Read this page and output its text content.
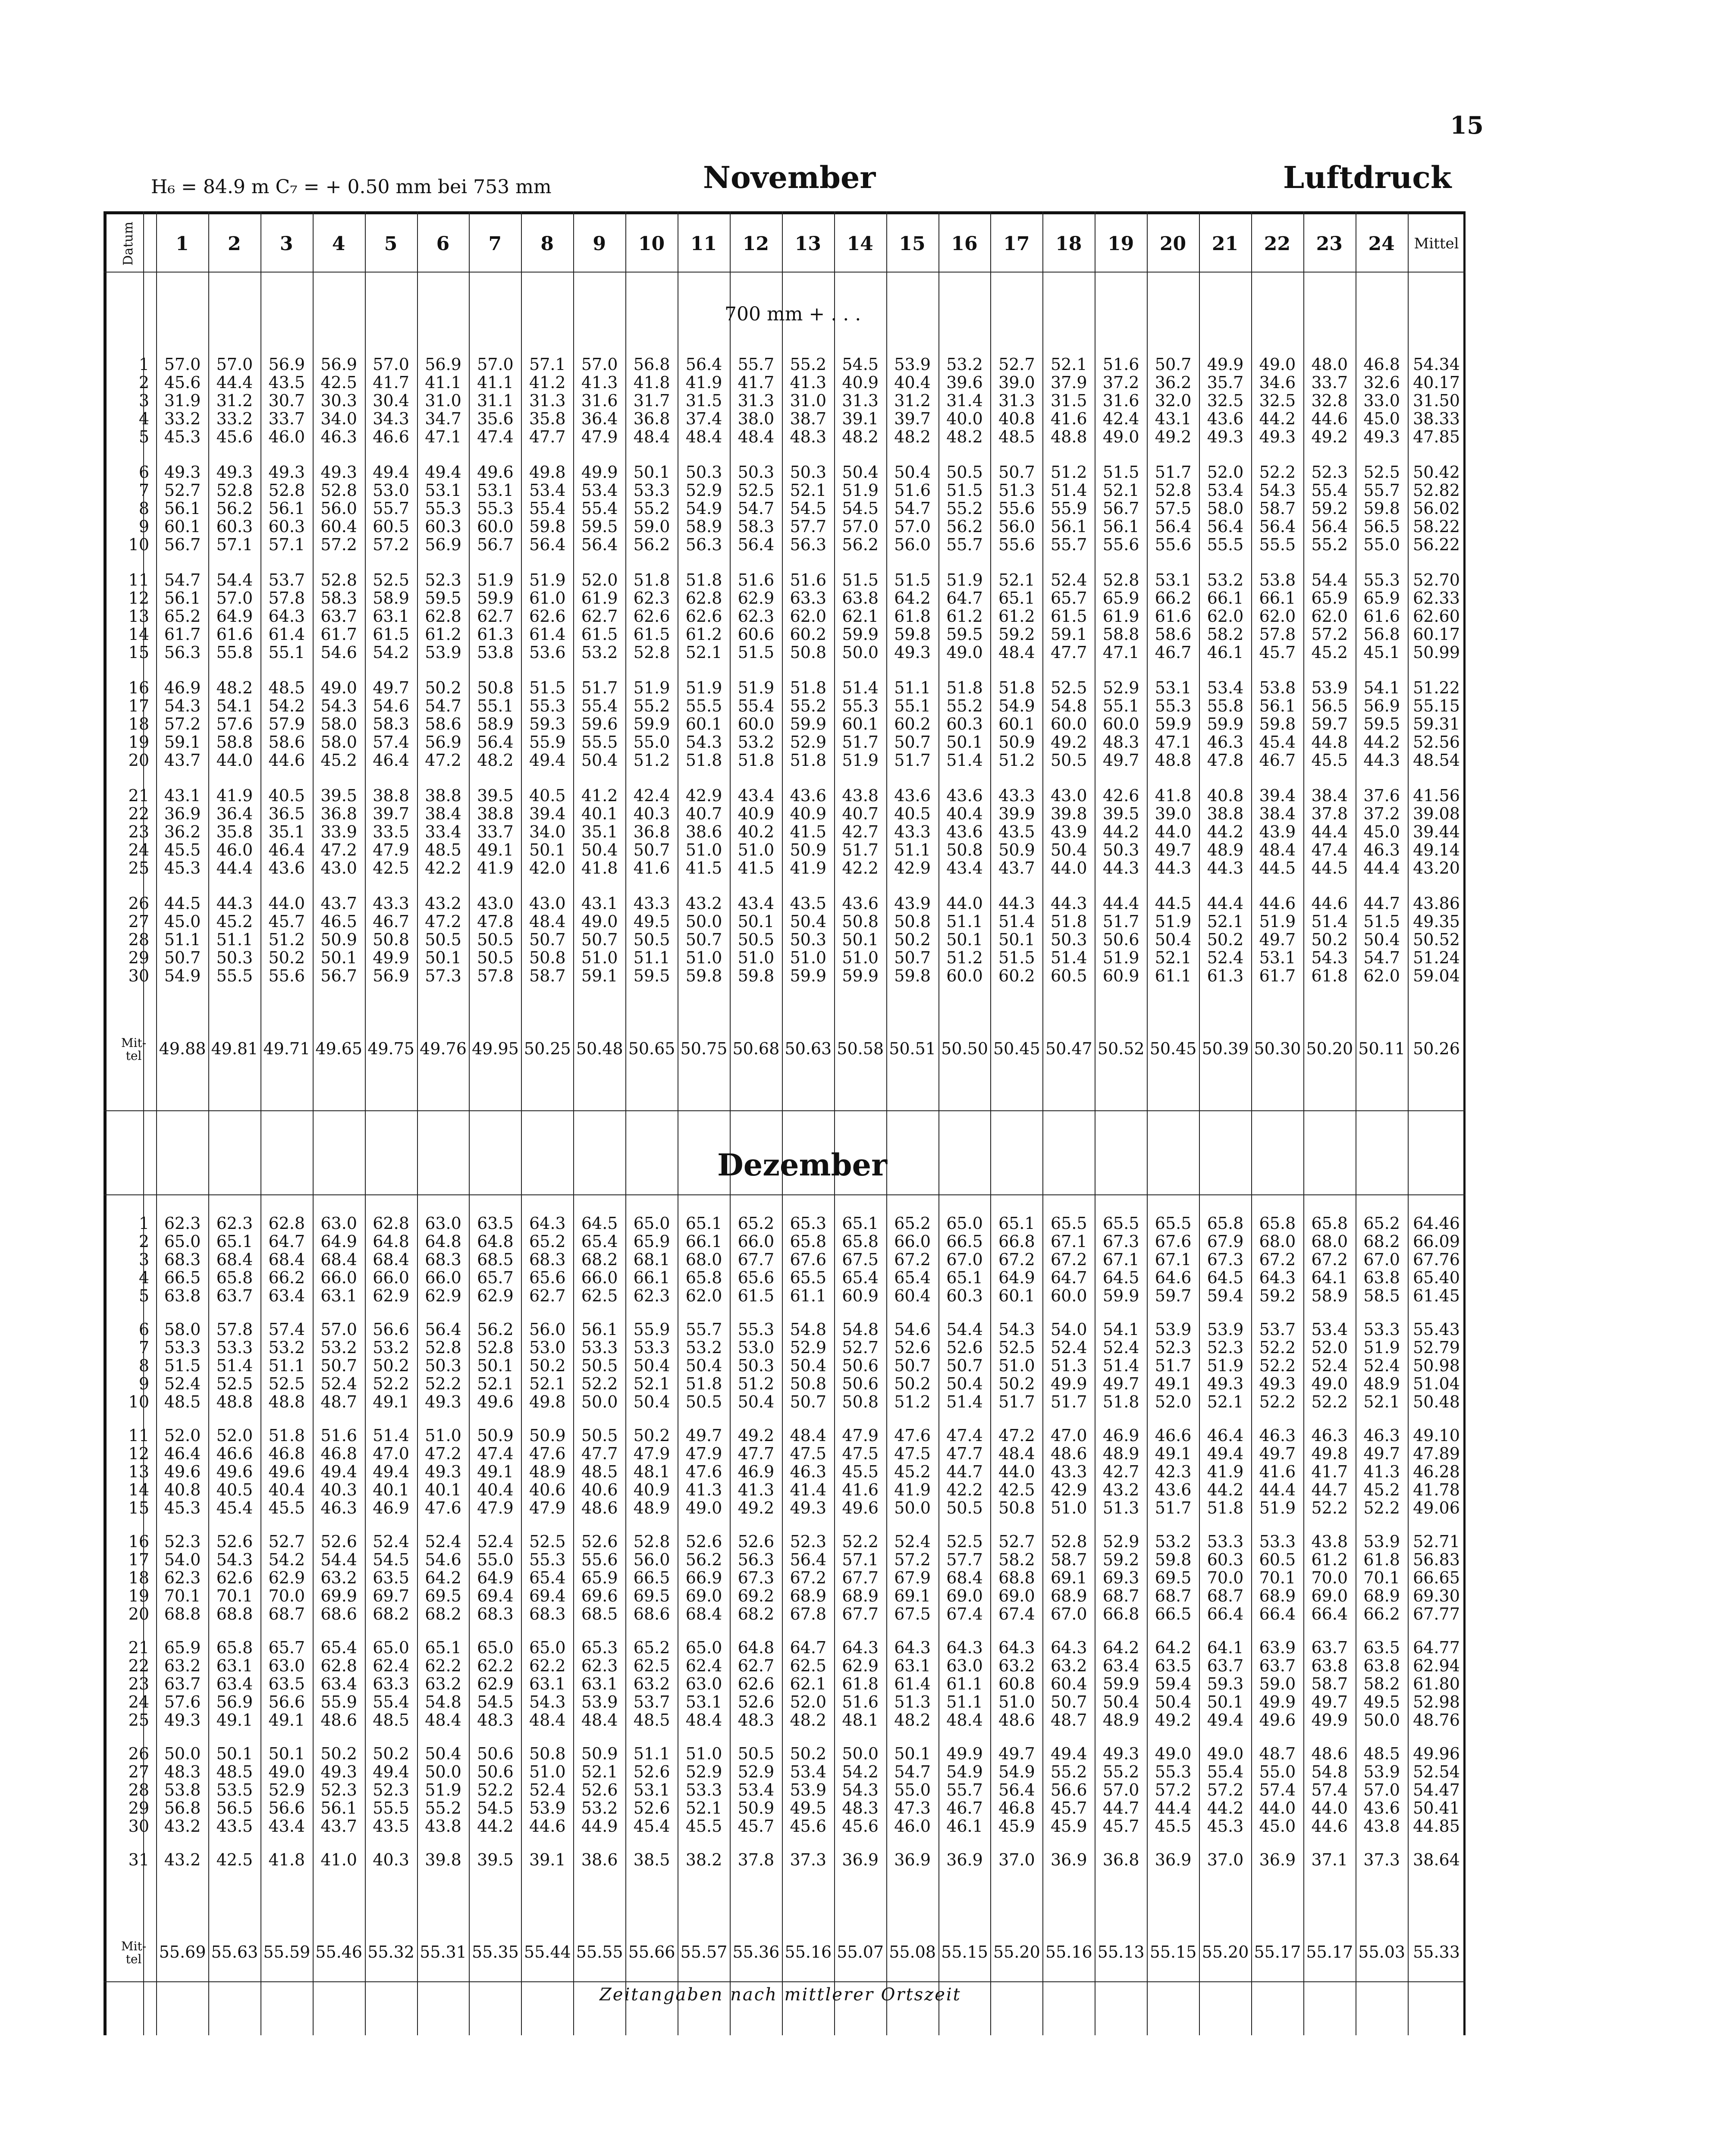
15
H₆ = 84.9 m C₇ = + 0.50 mm bei 753 mm	November	Luftdruck
Datum	1	2	3	4	5	6	7	8	9	10	11	12	13	14	15	16	17	18	19	20	21	22	23	24	Mittel
700 mm + . . .
1 57.0 57.0 56.9 56.9 57.0 56.9 57.0 57.1 57.0 56.8 56.4 55.7 55.2 54.5 53.9 53.2 52.7 52.1 51.6 50.7 49.9 49.0 48.0 46.8 54.34
2 45.6 44.4 43.5 42.5 41.7 41.1 41.1 41.2 41.3 41.8 41.9 41.7 41.3 40.9 40.4 39.6 39.0 37.9 37.2 36.2 35.7 34.6 33.7 32.6 40.17
3 31.9 31.2 30.7 30.3 30.4 31.0 31.1 31.3 31.6 31.7 31.5 31.3 31.0 31.3 31.2 31.4 31.3 31.5 31.6 32.0 32.5 32.5 32.8 33.0 31.50
4 33.2 33.2 33.7 34.0 34.3 34.7 35.6 35.8 36.4 36.8 37.4 38.0 38.7 39.1 39.7 40.0 40.8 41.6 42.4 43.1 43.6 44.2 44.6 45.0 38.33
5 45.3 45.6 46.0 46.3 46.6 47.1 47.4 47.7 47.9 48.4 48.4 48.4 48.3 48.2 48.2 48.2 48.5 48.8 49.0 49.2 49.3 49.3 49.2 49.3 47.85
6 49.3 49.3 49.3 49.3 49.4 49.4 49.6 49.8 49.9 50.1 50.3 50.3 50.3 50.4 50.4 50.5 50.7 51.2 51.5 51.7 52.0 52.2 52.3 52.5 50.42
7 52.7 52.8 52.8 52.8 53.0 53.1 53.1 53.4 53.4 53.3 52.9 52.5 52.1 51.9 51.6 51.5 51.3 51.4 52.1 52.8 53.4 54.3 55.4 55.7 52.82
8 56.1 56.2 56.1 56.0 55.7 55.3 55.3 55.4 55.4 55.2 54.9 54.7 54.5 54.5 54.7 55.2 55.6 55.9 56.7 57.5 58.0 58.7 59.2 59.8 56.02
9 60.1 60.3 60.3 60.4 60.5 60.3 60.0 59.8 59.5 59.0 58.9 58.3 57.7 57.0 57.0 56.2 56.0 56.1 56.1 56.4 56.4 56.4 56.4 56.5 58.22
10 56.7 57.1 57.1 57.2 57.2 56.9 56.7 56.4 56.4 56.2 56.3 56.4 56.3 56.2 56.0 55.7 55.6 55.7 55.6 55.6 55.5 55.5 55.2 55.0 56.22
11 54.7 54.4 53.7 52.8 52.5 52.3 51.9 51.9 52.0 51.8 51.8 51.6 51.6 51.5 51.5 51.9 52.1 52.4 52.8 53.1 53.2 53.8 54.4 55.3 52.70
12 56.1 57.0 57.8 58.3 58.9 59.5 59.9 61.0 61.9 62.3 62.8 62.9 63.3 63.8 64.2 64.7 65.1 65.7 65.9 66.2 66.1 66.1 65.9 65.9 62.33
13 65.2 64.9 64.3 63.7 63.1 62.8 62.7 62.6 62.7 62.6 62.6 62.3 62.0 62.1 61.8 61.2 61.2 61.5 61.9 61.6 62.0 62.0 62.0 61.6 62.60
14 61.7 61.6 61.4 61.7 61.5 61.2 61.3 61.4 61.5 61.5 61.2 60.6 60.2 59.9 59.8 59.5 59.2 59.1 58.8 58.6 58.2 57.8 57.2 56.8 60.17
15 56.3 55.8 55.1 54.6 54.2 53.9 53.8 53.6 53.2 52.8 52.1 51.5 50.8 50.0 49.3 49.0 48.4 47.7 47.1 46.7 46.1 45.7 45.2 45.1 50.99
16 46.9 48.2 48.5 49.0 49.7 50.2 50.8 51.5 51.7 51.9 51.9 51.9 51.8 51.4 51.1 51.8 51.8 52.5 52.9 53.1 53.4 53.8 53.9 54.1 51.22
17 54.3 54.1 54.2 54.3 54.6 54.7 55.1 55.3 55.4 55.2 55.5 55.4 55.2 55.3 55.1 55.2 54.9 54.8 55.1 55.3 55.8 56.1 56.5 56.9 55.15
18 57.2 57.6 57.9 58.0 58.3 58.6 58.9 59.3 59.6 59.9 60.1 60.0 59.9 60.1 60.2 60.3 60.1 60.0 60.0 59.9 59.9 59.8 59.7 59.5 59.31
19 59.1 58.8 58.6 58.0 57.4 56.9 56.4 55.9 55.5 55.0 54.3 53.2 52.9 51.7 50.7 50.1 50.9 49.2 48.3 47.1 46.3 45.4 44.8 44.2 52.56
20 43.7 44.0 44.6 45.2 46.4 47.2 48.2 49.4 50.4 51.2 51.8 51.8 51.8 51.9 51.7 51.4 51.2 50.5 49.7 48.8 47.8 46.7 45.5 44.3 48.54
21 43.1 41.9 40.5 39.5 38.8 38.8 39.5 40.5 41.2 42.4 42.9 43.4 43.6 43.8 43.6 43.6 43.3 43.0 42.6 41.8 40.8 39.4 38.4 37.6 41.56
22 36.9 36.4 36.5 36.8 39.7 38.4 38.8 39.4 40.1 40.3 40.7 40.9 40.9 40.7 40.5 40.4 39.9 39.8 39.5 39.0 38.8 38.4 37.8 37.2 39.08
23 36.2 35.8 35.1 33.9 33.5 33.4 33.7 34.0 35.1 36.8 38.6 40.2 41.5 42.7 43.3 43.6 43.5 43.9 44.2 44.0 44.2 43.9 44.4 45.0 39.44
24 45.5 46.0 46.4 47.2 47.9 48.5 49.1 50.1 50.4 50.7 51.0 51.0 50.9 51.7 51.1 50.8 50.9 50.4 50.3 49.7 48.9 48.4 47.4 46.3 49.14
25 45.3 44.4 43.6 43.0 42.5 42.2 41.9 42.0 41.8 41.6 41.5 41.5 41.9 42.2 42.9 43.4 43.7 44.0 44.3 44.3 44.3 44.5 44.5 44.4 43.20
26 44.5 44.3 44.0 43.7 43.3 43.2 43.0 43.0 43.1 43.3 43.2 43.4 43.5 43.6 43.9 44.0 44.3 44.3 44.4 44.5 44.4 44.6 44.6 44.7 43.86
27 45.0 45.2 45.7 46.5 46.7 47.2 47.8 48.4 49.0 49.5 50.0 50.1 50.4 50.8 50.8 51.1 51.4 51.8 51.7 51.9 52.1 51.9 51.4 51.5 49.35
28 51.1 51.1 51.2 50.9 50.8 50.5 50.5 50.7 50.7 50.5 50.7 50.5 50.3 50.1 50.2 50.1 50.1 50.3 50.6 50.4 50.2 49.7 50.2 50.4 50.52
29 50.7 50.3 50.2 50.1 49.9 50.1 50.5 50.8 51.0 51.1 51.0 51.0 51.0 51.0 50.7 51.2 51.5 51.4 51.9 52.1 52.4 53.1 54.3 54.7 51.24
30 54.9 55.5 55.6 56.7 56.9 57.3 57.8 58.7 59.1 59.5 59.8 59.8 59.9 59.9 59.8 60.0 60.2 60.5 60.9 61.1 61.3 61.7 61.8 62.0 59.04
Mit-
tel	49.88 49.81 49.71 49.65 49.75 49.76 49.95 50.25 50.48 50.65 50.75 50.68 50.63 50.58 50.51 50.50 50.45 50.47 50.52 50.45 50.39 50.30 50.20 50.11 50.26
Dezember
1 62.3 62.3 62.8 63.0 62.8 63.0 63.5 64.3 64.5 65.0 65.1 65.2 65.3 65.1 65.2 65.0 65.1 65.5 65.5 65.5 65.8 65.8 65.8 65.2 64.46
2 65.0 65.1 64.7 64.9 64.8 64.8 64.8 65.2 65.4 65.9 66.1 66.0 65.8 65.8 66.0 66.5 66.8 67.1 67.3 67.6 67.9 68.0 68.0 68.2 66.09
3 68.3 68.4 68.4 68.4 68.4 68.3 68.5 68.3 68.2 68.1 68.0 67.7 67.6 67.5 67.2 67.0 67.2 67.2 67.1 67.1 67.3 67.2 67.2 67.0 67.76
4 66.5 65.8 66.2 66.0 66.0 66.0 65.7 65.6 66.0 66.1 65.8 65.6 65.5 65.4 65.4 65.1 64.9 64.7 64.5 64.6 64.5 64.3 64.1 63.8 65.40
5 63.8 63.7 63.4 63.1 62.9 62.9 62.9 62.7 62.5 62.3 62.0 61.5 61.1 60.9 60.4 60.3 60.1 60.0 59.9 59.7 59.4 59.2 58.9 58.5 61.45
6 58.0 57.8 57.4 57.0 56.6 56.4 56.2 56.0 56.1 55.9 55.7 55.3 54.8 54.8 54.6 54.4 54.3 54.0 54.1 53.9 53.9 53.7 53.4 53.3 55.43
7 53.3 53.3 53.2 53.2 53.2 52.8 52.8 53.0 53.3 53.3 53.2 53.0 52.9 52.7 52.6 52.6 52.5 52.4 52.4 52.3 52.3 52.2 52.0 51.9 52.79
8 51.5 51.4 51.1 50.7 50.2 50.3 50.1 50.2 50.5 50.4 50.4 50.3 50.4 50.6 50.7 50.7 51.0 51.3 51.4 51.7 51.9 52.2 52.4 52.4 50.98
9 52.4 52.5 52.5 52.4 52.2 52.2 52.1 52.1 52.2 52.1 51.8 51.2 50.8 50.6 50.2 50.4 50.2 49.9 49.7 49.1 49.3 49.3 49.0 48.9 51.04
10 48.5 48.8 48.8 48.7 49.1 49.3 49.6 49.8 50.0 50.4 50.5 50.4 50.7 50.8 51.2 51.4 51.7 51.7 51.8 52.0 52.1 52.2 52.2 52.1 50.48
11 52.0 52.0 51.8 51.6 51.4 51.0 50.9 50.9 50.5 50.2 49.7 49.2 48.4 47.9 47.6 47.4 47.2 47.0 46.9 46.6 46.4 46.3 46.3 46.3 49.10
12 46.4 46.6 46.8 46.8 47.0 47.2 47.4 47.6 47.7 47.9 47.9 47.7 47.5 47.5 47.5 47.7 48.4 48.6 48.9 49.1 49.4 49.7 49.8 49.7 47.89
13 49.6 49.6 49.6 49.4 49.4 49.3 49.1 48.9 48.5 48.1 47.6 46.9 46.3 45.5 45.2 44.7 44.0 43.3 42.7 42.3 41.9 41.6 41.7 41.3 46.28
14 40.8 40.5 40.4 40.3 40.1 40.1 40.4 40.6 40.6 40.9 41.3 41.3 41.4 41.6 41.9 42.2 42.5 42.9 43.2 43.6 44.2 44.4 44.7 45.2 41.78
15 45.3 45.4 45.5 46.3 46.9 47.6 47.9 47.9 48.6 48.9 49.0 49.2 49.3 49.6 50.0 50.5 50.8 51.0 51.3 51.7 51.8 51.9 52.2 52.2 49.06
16 52.3 52.6 52.7 52.6 52.4 52.4 52.4 52.5 52.6 52.8 52.6 52.6 52.3 52.2 52.4 52.5 52.7 52.8 52.9 53.2 53.3 53.3 43.8 53.9 52.71
17 54.0 54.3 54.2 54.4 54.5 54.6 55.0 55.3 55.6 56.0 56.2 56.3 56.4 57.1 57.2 57.7 58.2 58.7 59.2 59.8 60.3 60.5 61.2 61.8 56.83
18 62.3 62.6 62.9 63.2 63.5 64.2 64.9 65.4 65.9 66.5 66.9 67.3 67.2 67.7 67.9 68.4 68.8 69.1 69.3 69.5 70.0 70.1 70.0 70.1 66.65
19 70.1 70.1 70.0 69.9 69.7 69.5 69.4 69.4 69.6 69.5 69.0 69.2 68.9 68.9 69.1 69.0 69.0 68.9 68.7 68.7 68.7 68.9 69.0 68.9 69.30
20 68.8 68.8 68.7 68.6 68.2 68.2 68.3 68.3 68.5 68.6 68.4 68.2 67.8 67.7 67.5 67.4 67.4 67.0 66.8 66.5 66.4 66.4 66.4 66.2 67.77
21 65.9 65.8 65.7 65.4 65.0 65.1 65.0 65.0 65.3 65.2 65.0 64.8 64.7 64.3 64.3 64.3 64.3 64.3 64.2 64.2 64.1 63.9 63.7 63.5 64.77
22 63.2 63.1 63.0 62.8 62.4 62.2 62.2 62.2 62.3 62.5 62.4 62.7 62.5 62.9 63.1 63.0 63.2 63.2 63.4 63.5 63.7 63.7 63.8 63.8 62.94
23 63.7 63.4 63.5 63.4 63.3 63.2 62.9 63.1 63.1 63.2 63.0 62.6 62.1 61.8 61.4 61.1 60.8 60.4 59.9 59.4 59.3 59.0 58.7 58.2 61.80
24 57.6 56.9 56.6 55.9 55.4 54.8 54.5 54.3 53.9 53.7 53.1 52.6 52.0 51.6 51.3 51.1 51.0 50.7 50.4 50.4 50.1 49.9 49.7 49.5 52.98
25 49.3 49.1 49.1 48.6 48.5 48.4 48.3 48.4 48.4 48.5 48.4 48.3 48.2 48.1 48.2 48.4 48.6 48.7 48.9 49.2 49.4 49.6 49.9 50.0 48.76
26 50.0 50.1 50.1 50.2 50.2 50.4 50.6 50.8 50.9 51.1 51.0 50.5 50.2 50.0 50.1 49.9 49.7 49.4 49.3 49.0 49.0 48.7 48.6 48.5 49.96
27 48.3 48.5 49.0 49.3 49.4 50.0 50.6 51.0 52.1 52.6 52.9 52.9 53.4 54.2 54.7 54.9 54.9 55.2 55.2 55.3 55.4 55.0 54.8 53.9 52.54
28 53.8 53.5 52.9 52.3 52.3 51.9 52.2 52.4 52.6 53.1 53.3 53.4 53.9 54.3 55.0 55.7 56.4 56.6 57.0 57.2 57.2 57.4 57.4 57.0 54.47
29 56.8 56.5 56.6 56.1 55.5 55.2 54.5 53.9 53.2 52.6 52.1 50.9 49.5 48.3 47.3 46.7 46.8 45.7 44.7 44.4 44.2 44.0 44.0 43.6 50.41
30 43.2 43.5 43.4 43.7 43.5 43.8 44.2 44.6 44.9 45.4 45.5 45.7 45.6 45.6 46.0 46.1 45.9 45.9 45.7 45.5 45.3 45.0 44.6 43.8 44.85
31 43.2 42.5 41.8 41.0 40.3 39.8 39.5 39.1 38.6 38.5 38.2 37.8 37.3 36.9 36.9 36.9 37.0 36.9 36.8 36.9 37.0 36.9 37.1 37.3 38.64
Mit-
tel	55.69 55.63 55.59 55.46 55.32 55.31 55.35 55.44 55.55 55.66 55.57 55.36 55.16 55.07 55.08 55.15 55.20 55.16 55.13 55.15 55.20 55.17 55.17 55.03 55.33
Zeitangaben nach mittlerer Ortszeit
